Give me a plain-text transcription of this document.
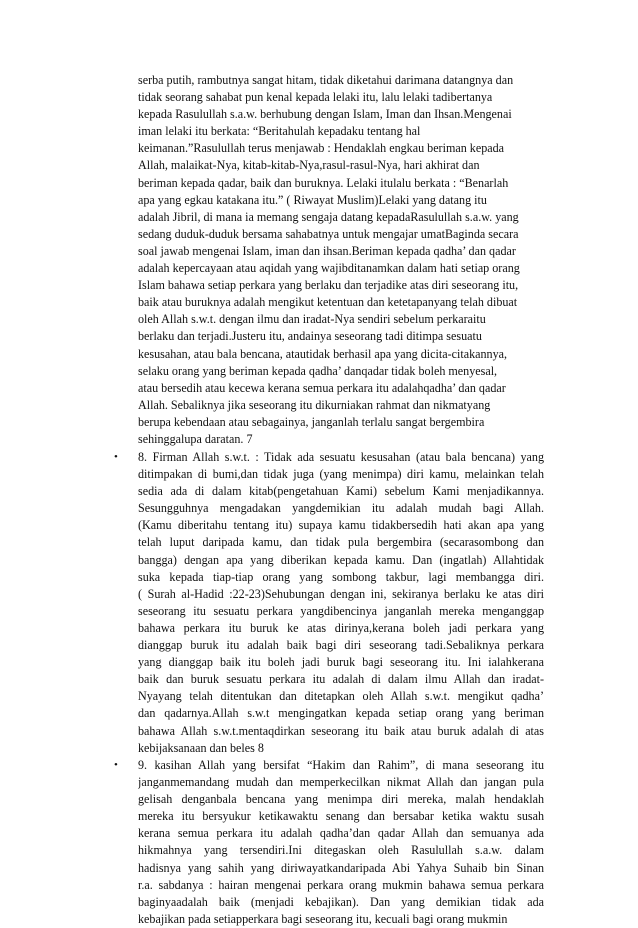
serba putih, rambutnya sangat hitam, tidak diketahui darimana datangnya dan
tidak seorang sahabat pun kenal kepada lelaki itu, lalu lelaki tadibertanya
kepada Rasulullah s.a.w. berhubung dengan Islam, Iman dan Ihsan.Mengenai
iman lelaki itu berkata: “Beritahulah kepadaku tentang hal
keimanan.”Rasulullah terus menjawab : Hendaklah engkau beriman kepada
Allah, malaikat-Nya, kitab-kitab-Nya,rasul-rasul-Nya, hari akhirat dan
beriman kepada qadar, baik dan buruknya. Lelaki itulalu berkata : “Benarlah
apa yang egkau katakana itu.” ( Riwayat Muslim)Lelaki yang datang itu
adalah Jibril, di mana ia memang sengaja datang kepadaRasulullah s.a.w. yang
sedang duduk-duduk bersama sahabatnya untuk mengajar umatBaginda secara
soal jawab mengenai Islam, iman dan ihsan.Beriman kepada qadha’ dan qadar
adalah kepercayaan atau aqidah yang wajibditanamkan dalam hati setiap orang
Islam bahawa setiap perkara yang berlaku dan terjadike atas diri seseorang itu,
baik atau buruknya adalah mengikut ketentuan dan ketetapanyang telah dibuat
oleh Allah s.w.t. dengan ilmu dan iradat-Nya sendiri sebelum perkaraitu
berlaku dan terjadi.Justeru itu, andainya seseorang tadi ditimpa sesuatu
kesusahan, atau bala bencana, atautidak berhasil apa yang dicita-citakannya,
selaku orang yang beriman kepada qadha’ danqadar tidak boleh menyesal,
atau bersedih atau kecewa kerana semua perkara itu adalahqadha’ dan qadar
Allah. Sebaliknya jika seseorang itu dikurniakan rahmat dan nikmatyang
berupa kebendaan atau sebagainya, janganlah terlalu sangat bergembira
sehinggalupa daratan. 7
• 8. Firman Allah s.w.t. : Tidak ada sesuatu kesusahan (atau bala bencana) yang
ditimpakan di bumi,dan tidak juga (yang menimpa) diri kamu, melainkan telah
sedia ada di dalam kitab(pengetahuan Kami) sebelum Kami menjadikannya.
Sesungguhnya mengadakan yangdemikian itu adalah mudah bagi Allah.
(Kamu diberitahu tentang itu) supaya kamu tidakbersedih hati akan apa yang
telah luput daripada kamu, dan tidak pula bergembira (secarasombong dan
bangga) dengan apa yang diberikan kepada kamu. Dan (ingatlah) Allahtidak
suka kepada tiap-tiap orang yang sombong takbur, lagi membangga diri.
( Surah al-Hadid :22-23)Sehubungan dengan ini, sekiranya berlaku ke atas diri
seseorang itu sesuatu perkara yangdibencinya janganlah mereka menganggap
bahawa perkara itu buruk ke atas dirinya,kerana boleh jadi perkara yang
dianggap buruk itu adalah baik bagi diri seseorang tadi.Sebaliknya perkara
yang dianggap baik itu boleh jadi buruk bagi seseorang itu. Ini ialahkerana
baik dan buruk sesuatu perkara itu adalah di dalam ilmu Allah dan iradat-
Nyayang telah ditentukan dan ditetapkan oleh Allah s.w.t. mengikut qadha’
dan qadarnya.Allah s.w.t mengingatkan kepada setiap orang yang beriman
bahawa Allah s.w.t.mentaqdirkan seseorang itu baik atau buruk adalah di atas
kebijaksanaan dan beles 8
• 9. kasihan Allah yang bersifat “Hakim dan Rahim”, di mana seseorang itu
janganmemandang mudah dan memperkecilkan nikmat Allah dan jangan pula
gelisah denganbala bencana yang menimpa diri mereka, malah hendaklah
mereka itu bersyukur ketikawaktu senang dan bersabar ketika waktu susah
kerana semua perkara itu adalah qadha’dan qadar Allah dan semuanya ada
hikmahnya yang tersendiri.Ini ditegaskan oleh Rasulullah s.a.w. dalam
hadisnya yang sahih yang diriwayatkandaripada Abi Yahya Suhaib bin Sinan
r.a. sabdanya : hairan mengenai perkara orang mukmin bahawa semua perkara
baginyaadalah baik (menjadi kebajikan). Dan yang demikian tidak ada
kebajikan pada setiapperkara bagi seseorang itu, kecuali bagi orang mukmin
